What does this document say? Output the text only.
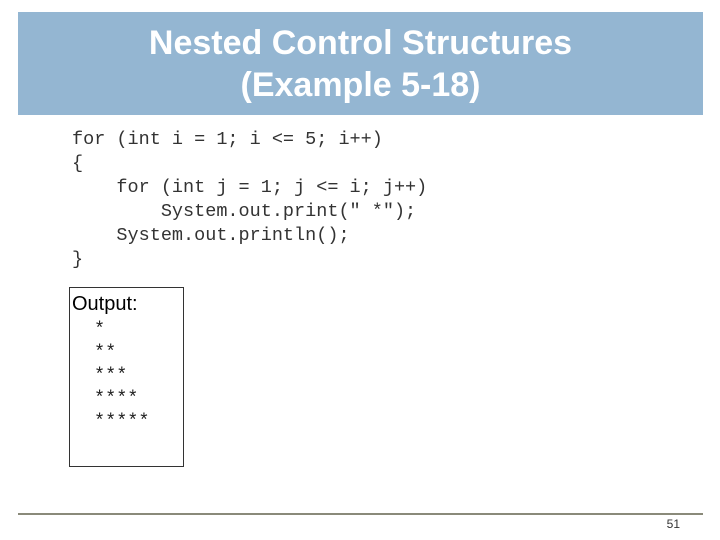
Nested Control Structures
(Example 5-18)
for (int i = 1; i <= 5; i++)
{
for (int j = 1; j <= i; j++)
System.out.print(" *");
System.out.println();
}
Output:
*
**
***
****
*****
51
